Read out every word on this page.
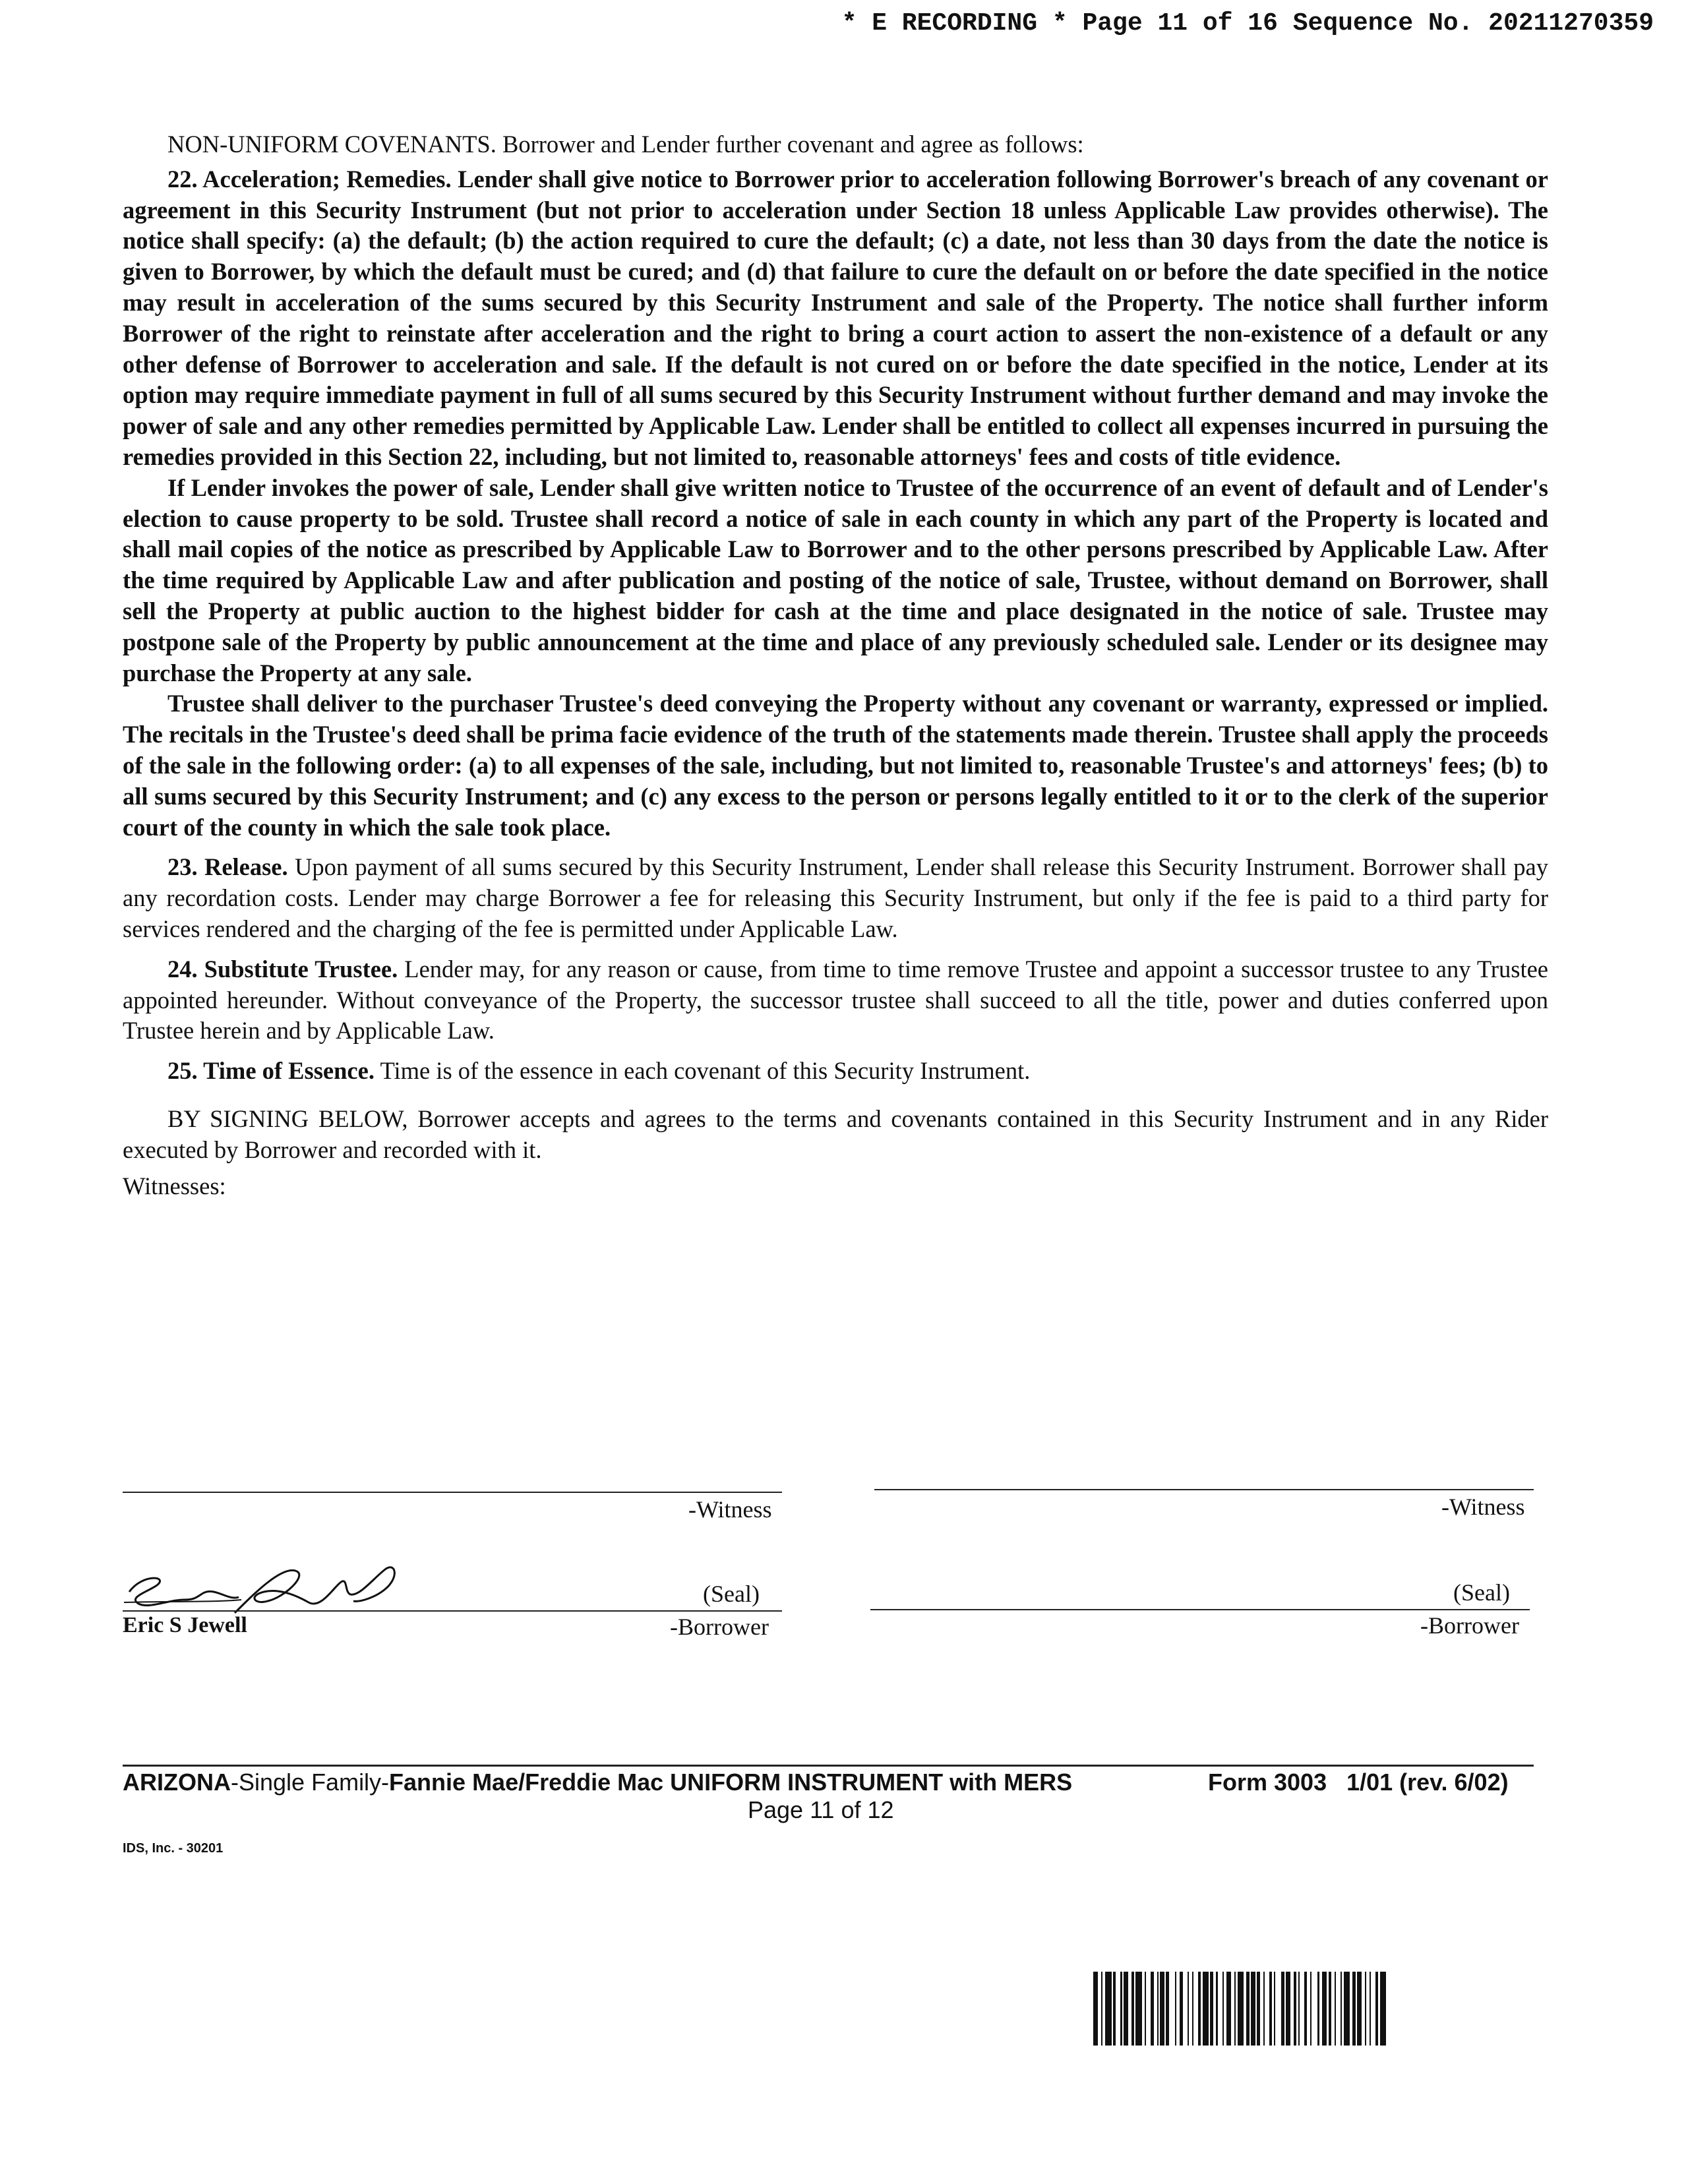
* E RECORDING * Page 11 of 16 Sequence No. 20211270359

NON-UNIFORM COVENANTS. Borrower and Lender further covenant and agree as follows:

22. Acceleration; Remedies. Lender shall give notice to Borrower prior to acceleration following Borrower's breach of any covenant or agreement in this Security Instrument (but not prior to acceleration under Section 18 unless Applicable Law provides otherwise). The notice shall specify: (a) the default; (b) the action required to cure the default; (c) a date, not less than 30 days from the date the notice is given to Borrower, by which the default must be cured; and (d) that failure to cure the default on or before the date specified in the notice may result in acceleration of the sums secured by this Security Instrument and sale of the Property. The notice shall further inform Borrower of the right to reinstate after acceleration and the right to bring a court action to assert the non-existence of a default or any other defense of Borrower to acceleration and sale. If the default is not cured on or before the date specified in the notice, Lender at its option may require immediate payment in full of all sums secured by this Security Instrument without further demand and may invoke the power of sale and any other remedies permitted by Applicable Law. Lender shall be entitled to collect all expenses incurred in pursuing the remedies provided in this Section 22, including, but not limited to, reasonable attorneys' fees and costs of title evidence.

If Lender invokes the power of sale, Lender shall give written notice to Trustee of the occurrence of an event of default and of Lender's election to cause property to be sold. Trustee shall record a notice of sale in each county in which any part of the Property is located and shall mail copies of the notice as prescribed by Applicable Law to Borrower and to the other persons prescribed by Applicable Law. After the time required by Applicable Law and after publication and posting of the notice of sale, Trustee, without demand on Borrower, shall sell the Property at public auction to the highest bidder for cash at the time and place designated in the notice of sale. Trustee may postpone sale of the Property by public announcement at the time and place of any previously scheduled sale. Lender or its designee may purchase the Property at any sale.

Trustee shall deliver to the purchaser Trustee's deed conveying the Property without any covenant or warranty, expressed or implied. The recitals in the Trustee's deed shall be prima facie evidence of the truth of the statements made therein. Trustee shall apply the proceeds of the sale in the following order: (a) to all expenses of the sale, including, but not limited to, reasonable Trustee's and attorneys' fees; (b) to all sums secured by this Security Instrument; and (c) any excess to the person or persons legally entitled to it or to the clerk of the superior court of the county in which the sale took place.

23. Release. Upon payment of all sums secured by this Security Instrument, Lender shall release this Security Instrument. Borrower shall pay any recordation costs. Lender may charge Borrower a fee for releasing this Security Instrument, but only if the fee is paid to a third party for services rendered and the charging of the fee is permitted under Applicable Law.

24. Substitute Trustee. Lender may, for any reason or cause, from time to time remove Trustee and appoint a successor trustee to any Trustee appointed hereunder. Without conveyance of the Property, the successor trustee shall succeed to all the title, power and duties conferred upon Trustee herein and by Applicable Law.

25. Time of Essence. Time is of the essence in each covenant of this Security Instrument.

BY SIGNING BELOW, Borrower accepts and agrees to the terms and covenants contained in this Security Instrument and in any Rider executed by Borrower and recorded with it.

Witnesses:

-Witness	-Witness
(Seal)
Eric S Jewell	-Borrower
(Seal)
-Borrower
ARIZONA-Single Family-Fannie Mae/Freddie Mac UNIFORM INSTRUMENT with MERS	Form 3003   1/01 (rev. 6/02)
Page 11 of 12
IDS, Inc. - 30201
